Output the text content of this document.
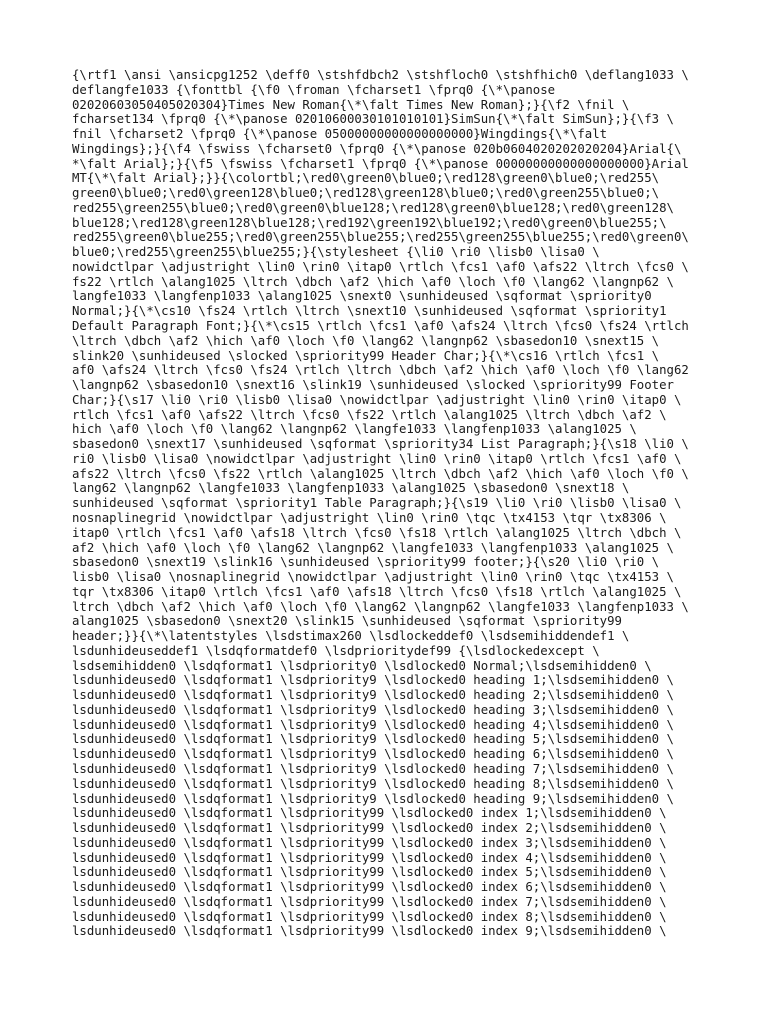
{\rtf1 \ansi \ansicpg1252 \deff0 \stshfdbch2 \stshfloch0 \stshfhich0 \deflang1033 \
deflangfe1033 {\fonttbl {\f0 \froman \fcharset1 \fprq0 {\*\panose
02020603050405020304}Times New Roman{\*\falt Times New Roman};}{\f2 \fnil \
fcharset134 \fprq0 {\*\panose 02010600030101010101}SimSun{\*\falt SimSun};}{\f3 \
fnil \fcharset2 \fprq0 {\*\panose 05000000000000000000}Wingdings{\*\falt
Wingdings};}{\f4 \fswiss \fcharset0 \fprq0 {\*\panose 020b0604020202020204}Arial{\
*\falt Arial};}{\f5 \fswiss \fcharset1 \fprq0 {\*\panose 00000000000000000000}Arial
MT{\*\falt Arial};}}{\colortbl;\red0\green0\blue0;\red128\green0\blue0;\red255\
green0\blue0;\red0\green128\blue0;\red128\green128\blue0;\red0\green255\blue0;\
red255\green255\blue0;\red0\green0\blue128;\red128\green0\blue128;\red0\green128\
blue128;\red128\green128\blue128;\red192\green192\blue192;\red0\green0\blue255;\
red255\green0\blue255;\red0\green255\blue255;\red255\green255\blue255;\red0\green0\
blue0;\red255\green255\blue255;}{\stylesheet {\li0 \ri0 \lisb0 \lisa0 \
nowidctlpar \adjustright \lin0 \rin0 \itap0 \rtlch \fcs1 \af0 \afs22 \ltrch \fcs0 \
fs22 \rtlch \alang1025 \ltrch \dbch \af2 \hich \af0 \loch \f0 \lang62 \langnp62 \
langfe1033 \langfenp1033 \alang1025 \snext0 \sunhideused \sqformat \spriority0
Normal;}{\*\cs10 \fs24 \rtlch \ltrch \snext10 \sunhideused \sqformat \spriority1
Default Paragraph Font;}{\*\cs15 \rtlch \fcs1 \af0 \afs24 \ltrch \fcs0 \fs24 \rtlch
\ltrch \dbch \af2 \hich \af0 \loch \f0 \lang62 \langnp62 \sbasedon10 \snext15 \
slink20 \sunhideused \slocked \spriority99 Header Char;}{\*\cs16 \rtlch \fcs1 \
af0 \afs24 \ltrch \fcs0 \fs24 \rtlch \ltrch \dbch \af2 \hich \af0 \loch \f0 \lang62
\langnp62 \sbasedon10 \snext16 \slink19 \sunhideused \slocked \spriority99 Footer
Char;}{\s17 \li0 \ri0 \lisb0 \lisa0 \nowidctlpar \adjustright \lin0 \rin0 \itap0 \
rtlch \fcs1 \af0 \afs22 \ltrch \fcs0 \fs22 \rtlch \alang1025 \ltrch \dbch \af2 \
hich \af0 \loch \f0 \lang62 \langnp62 \langfe1033 \langfenp1033 \alang1025 \
sbasedon0 \snext17 \sunhideused \sqformat \spriority34 List Paragraph;}{\s18 \li0 \
ri0 \lisb0 \lisa0 \nowidctlpar \adjustright \lin0 \rin0 \itap0 \rtlch \fcs1 \af0 \
afs22 \ltrch \fcs0 \fs22 \rtlch \alang1025 \ltrch \dbch \af2 \hich \af0 \loch \f0 \
lang62 \langnp62 \langfe1033 \langfenp1033 \alang1025 \sbasedon0 \snext18 \
sunhideused \sqformat \spriority1 Table Paragraph;}{\s19 \li0 \ri0 \lisb0 \lisa0 \
nosnaplinegrid \nowidctlpar \adjustright \lin0 \rin0 \tqc \tx4153 \tqr \tx8306 \
itap0 \rtlch \fcs1 \af0 \afs18 \ltrch \fcs0 \fs18 \rtlch \alang1025 \ltrch \dbch \
af2 \hich \af0 \loch \f0 \lang62 \langnp62 \langfe1033 \langfenp1033 \alang1025 \
sbasedon0 \snext19 \slink16 \sunhideused \spriority99 footer;}{\s20 \li0 \ri0 \
lisb0 \lisa0 \nosnaplinegrid \nowidctlpar \adjustright \lin0 \rin0 \tqc \tx4153 \
tqr \tx8306 \itap0 \rtlch \fcs1 \af0 \afs18 \ltrch \fcs0 \fs18 \rtlch \alang1025 \
ltrch \dbch \af2 \hich \af0 \loch \f0 \lang62 \langnp62 \langfe1033 \langfenp1033 \
alang1025 \sbasedon0 \snext20 \slink15 \sunhideused \sqformat \spriority99
header;}}{\*\latentstyles \lsdstimax260 \lsdlockeddef0 \lsdsemihiddendef1 \
lsdunhideuseddef1 \lsdqformatdef0 \lsdprioritydef99 {\lsdlockedexcept \
lsdsemihidden0 \lsdqformat1 \lsdpriority0 \lsdlocked0 Normal;\lsdsemihidden0 \
lsdunhideused0 \lsdqformat1 \lsdpriority9 \lsdlocked0 heading 1;\lsdsemihidden0 \
lsdunhideused0 \lsdqformat1 \lsdpriority9 \lsdlocked0 heading 2;\lsdsemihidden0 \
lsdunhideused0 \lsdqformat1 \lsdpriority9 \lsdlocked0 heading 3;\lsdsemihidden0 \
lsdunhideused0 \lsdqformat1 \lsdpriority9 \lsdlocked0 heading 4;\lsdsemihidden0 \
lsdunhideused0 \lsdqformat1 \lsdpriority9 \lsdlocked0 heading 5;\lsdsemihidden0 \
lsdunhideused0 \lsdqformat1 \lsdpriority9 \lsdlocked0 heading 6;\lsdsemihidden0 \
lsdunhideused0 \lsdqformat1 \lsdpriority9 \lsdlocked0 heading 7;\lsdsemihidden0 \
lsdunhideused0 \lsdqformat1 \lsdpriority9 \lsdlocked0 heading 8;\lsdsemihidden0 \
lsdunhideused0 \lsdqformat1 \lsdpriority9 \lsdlocked0 heading 9;\lsdsemihidden0 \
lsdunhideused0 \lsdqformat1 \lsdpriority99 \lsdlocked0 index 1;\lsdsemihidden0 \
lsdunhideused0 \lsdqformat1 \lsdpriority99 \lsdlocked0 index 2;\lsdsemihidden0 \
lsdunhideused0 \lsdqformat1 \lsdpriority99 \lsdlocked0 index 3;\lsdsemihidden0 \
lsdunhideused0 \lsdqformat1 \lsdpriority99 \lsdlocked0 index 4;\lsdsemihidden0 \
lsdunhideused0 \lsdqformat1 \lsdpriority99 \lsdlocked0 index 5;\lsdsemihidden0 \
lsdunhideused0 \lsdqformat1 \lsdpriority99 \lsdlocked0 index 6;\lsdsemihidden0 \
lsdunhideused0 \lsdqformat1 \lsdpriority99 \lsdlocked0 index 7;\lsdsemihidden0 \
lsdunhideused0 \lsdqformat1 \lsdpriority99 \lsdlocked0 index 8;\lsdsemihidden0 \
lsdunhideused0 \lsdqformat1 \lsdpriority99 \lsdlocked0 index 9;\lsdsemihidden0 \
